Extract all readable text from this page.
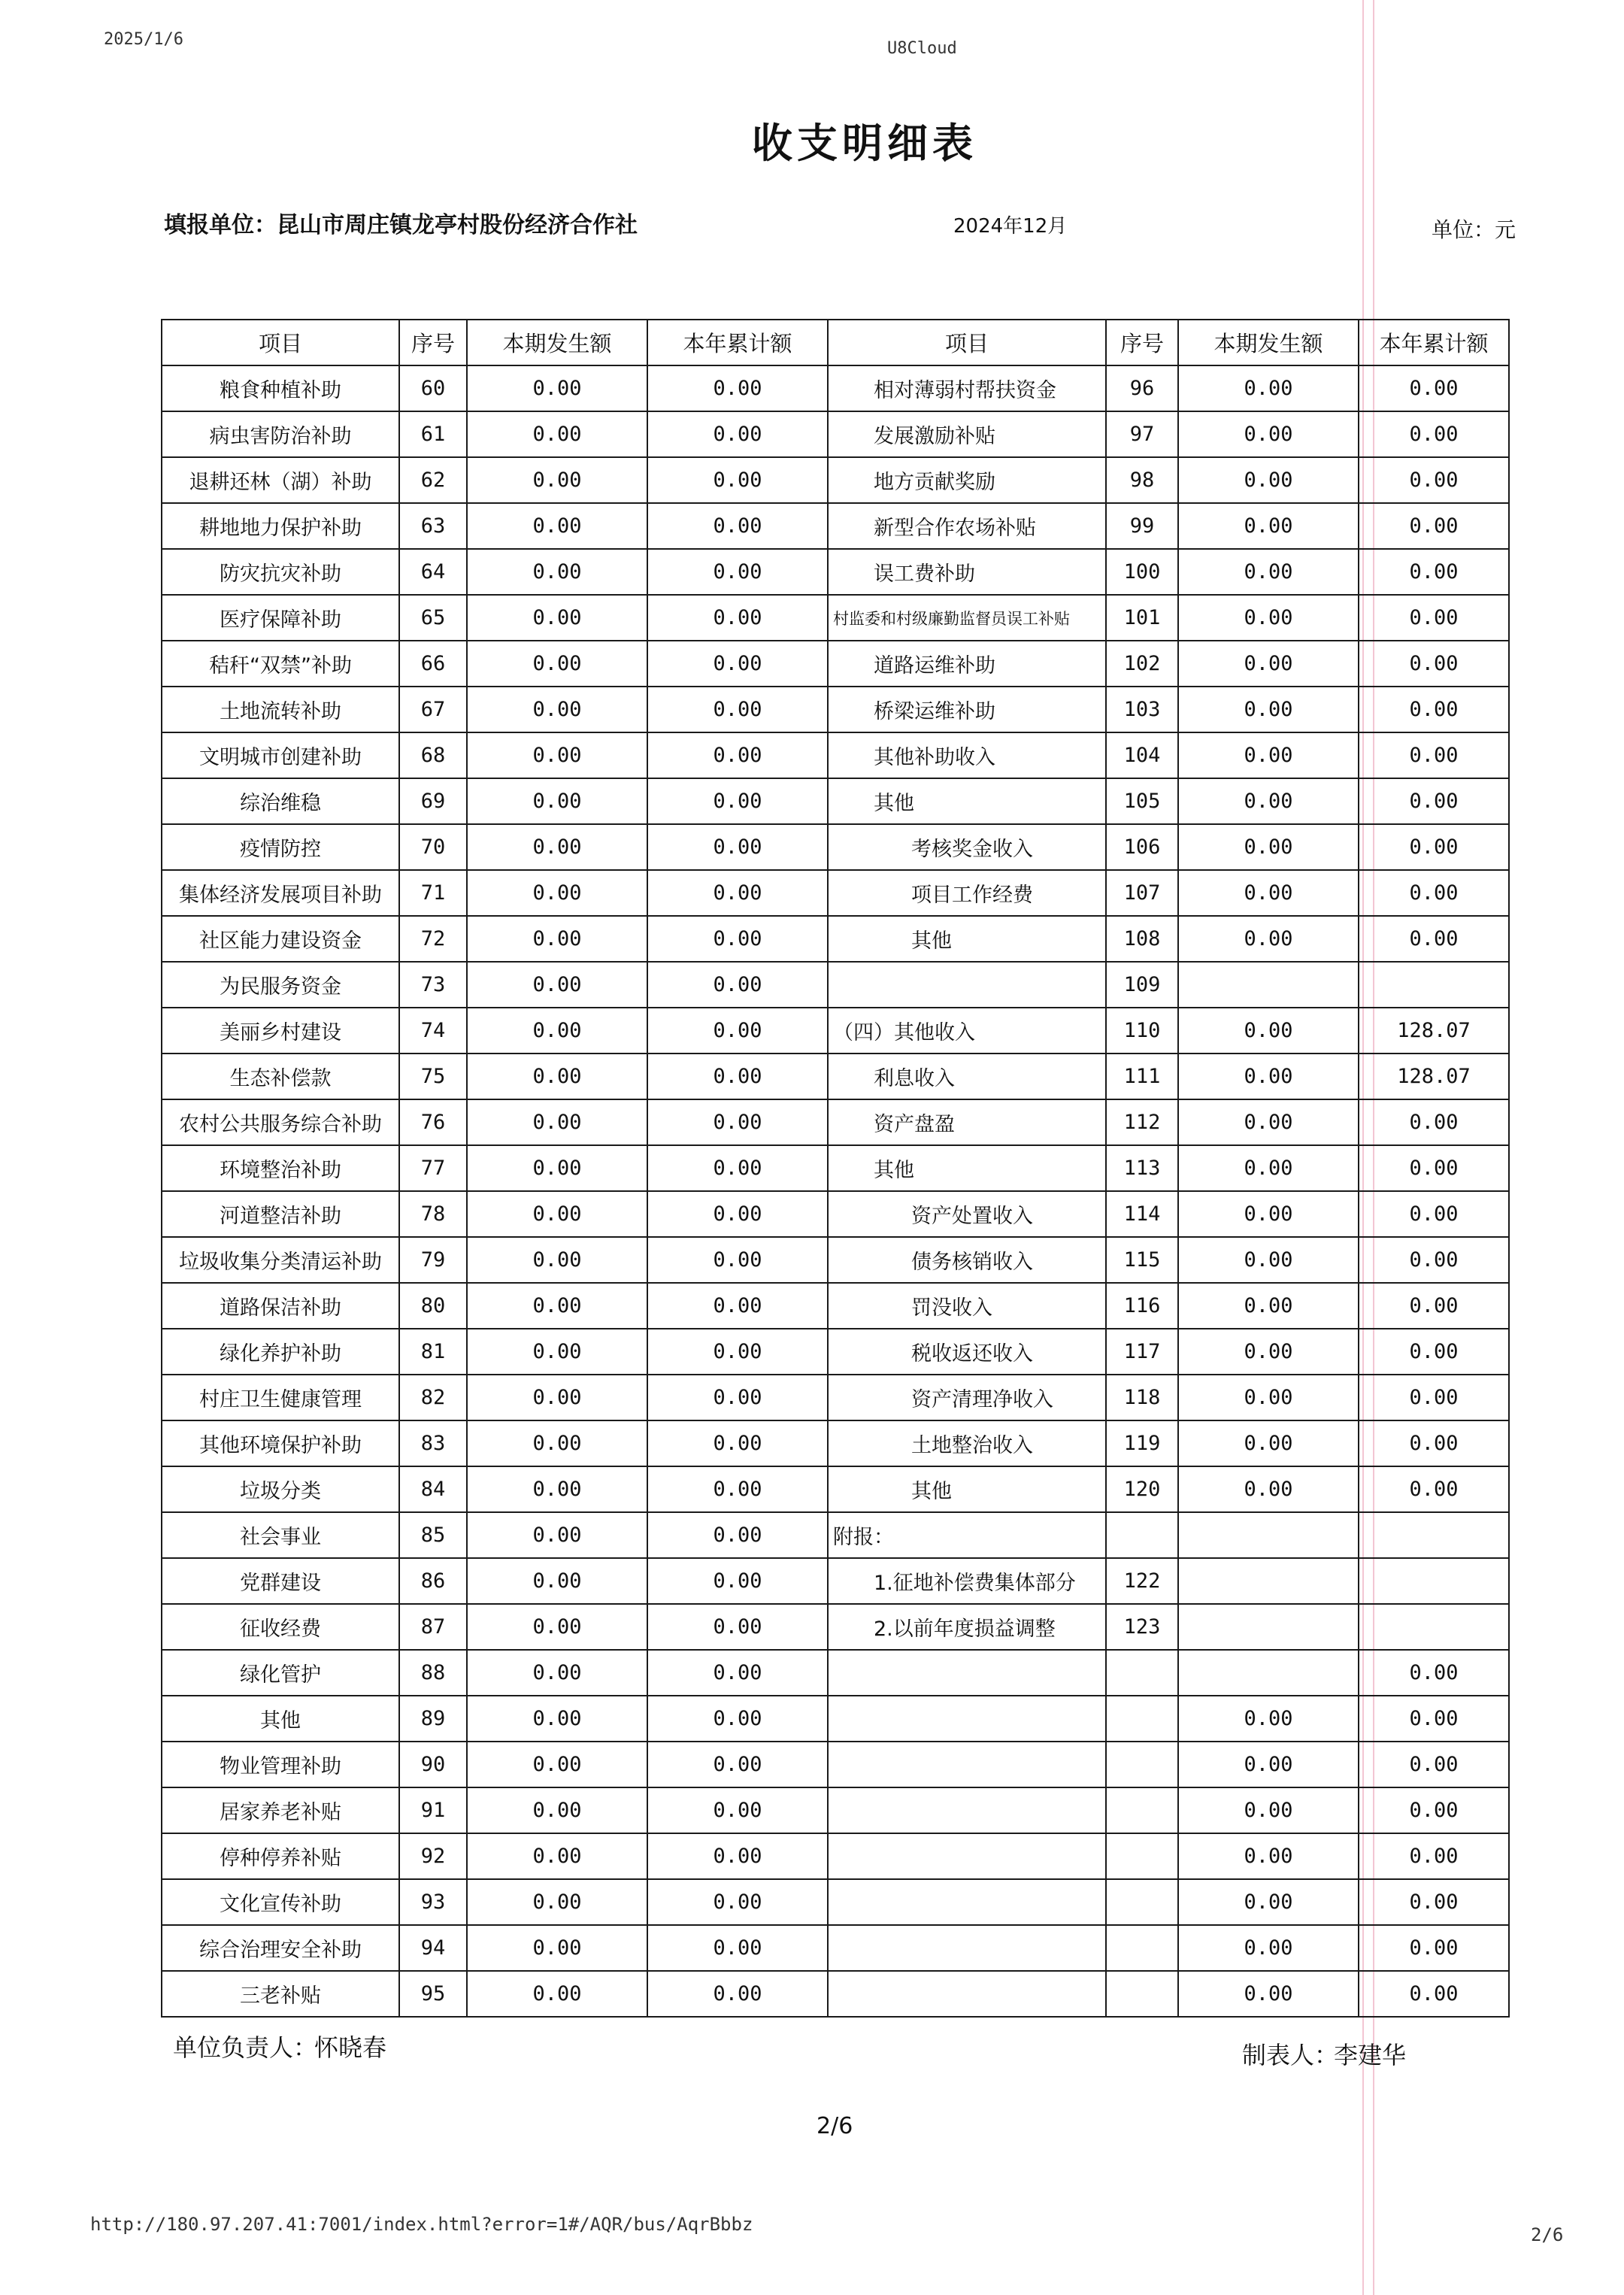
2025/1/6	U8Cloud
收支明细表
填报单位：昆山市周庄镇龙亭村股份经济合作社	2024年12月	单位：元
项目	序号	本期发生额	本年累计额	项目	序号	本期发生额	本年累计额
粮食种植补助	60	0.00	0.00	相对薄弱村帮扶资金	96	0.00	0.00
病虫害防治补助	61	0.00	0.00	发展激励补贴	97	0.00	0.00
退耕还林（湖）补助	62	0.00	0.00	地方贡献奖励	98	0.00	0.00
耕地地力保护补助	63	0.00	0.00	新型合作农场补贴	99	0.00	0.00
防灾抗灾补助	64	0.00	0.00	误工费补助	100	0.00	0.00
医疗保障补助	65	0.00	0.00	村监委和村级廉勤监督员误工补贴	101	0.00	0.00
秸秆“双禁”补助	66	0.00	0.00	道路运维补助	102	0.00	0.00
土地流转补助	67	0.00	0.00	桥梁运维补助	103	0.00	0.00
文明城市创建补助	68	0.00	0.00	其他补助收入	104	0.00	0.00
综治维稳	69	0.00	0.00	其他	105	0.00	0.00
疫情防控	70	0.00	0.00	考核奖金收入	106	0.00	0.00
集体经济发展项目补助	71	0.00	0.00	项目工作经费	107	0.00	0.00
社区能力建设资金	72	0.00	0.00	其他	108	0.00	0.00
为民服务资金	73	0.00	0.00		109		
美丽乡村建设	74	0.00	0.00	（四）其他收入	110	0.00	128.07
生态补偿款	75	0.00	0.00	利息收入	111	0.00	128.07
农村公共服务综合补助	76	0.00	0.00	资产盘盈	112	0.00	0.00
环境整治补助	77	0.00	0.00	其他	113	0.00	0.00
河道整洁补助	78	0.00	0.00	资产处置收入	114	0.00	0.00
垃圾收集分类清运补助	79	0.00	0.00	债务核销收入	115	0.00	0.00
道路保洁补助	80	0.00	0.00	罚没收入	116	0.00	0.00
绿化养护补助	81	0.00	0.00	税收返还收入	117	0.00	0.00
村庄卫生健康管理	82	0.00	0.00	资产清理净收入	118	0.00	0.00
其他环境保护补助	83	0.00	0.00	土地整治收入	119	0.00	0.00
垃圾分类	84	0.00	0.00	其他	120	0.00	0.00
社会事业	85	0.00	0.00	附报：			
党群建设	86	0.00	0.00	1.征地补偿费集体部分	122		
征收经费	87	0.00	0.00	2.以前年度损益调整	123		
绿化管护	88	0.00	0.00				0.00
其他	89	0.00	0.00			0.00	0.00
物业管理补助	90	0.00	0.00			0.00	0.00
居家养老补贴	91	0.00	0.00			0.00	0.00
停种停养补贴	92	0.00	0.00			0.00	0.00
文化宣传补助	93	0.00	0.00			0.00	0.00
综合治理安全补助	94	0.00	0.00			0.00	0.00
三老补贴	95	0.00	0.00			0.00	0.00
单位负责人：
怀晓春	制表人：
李建华
2/6
http://180.97.207.41:7001/index.html?error=1#/AQR/bus/AqrBbbz	2/6
